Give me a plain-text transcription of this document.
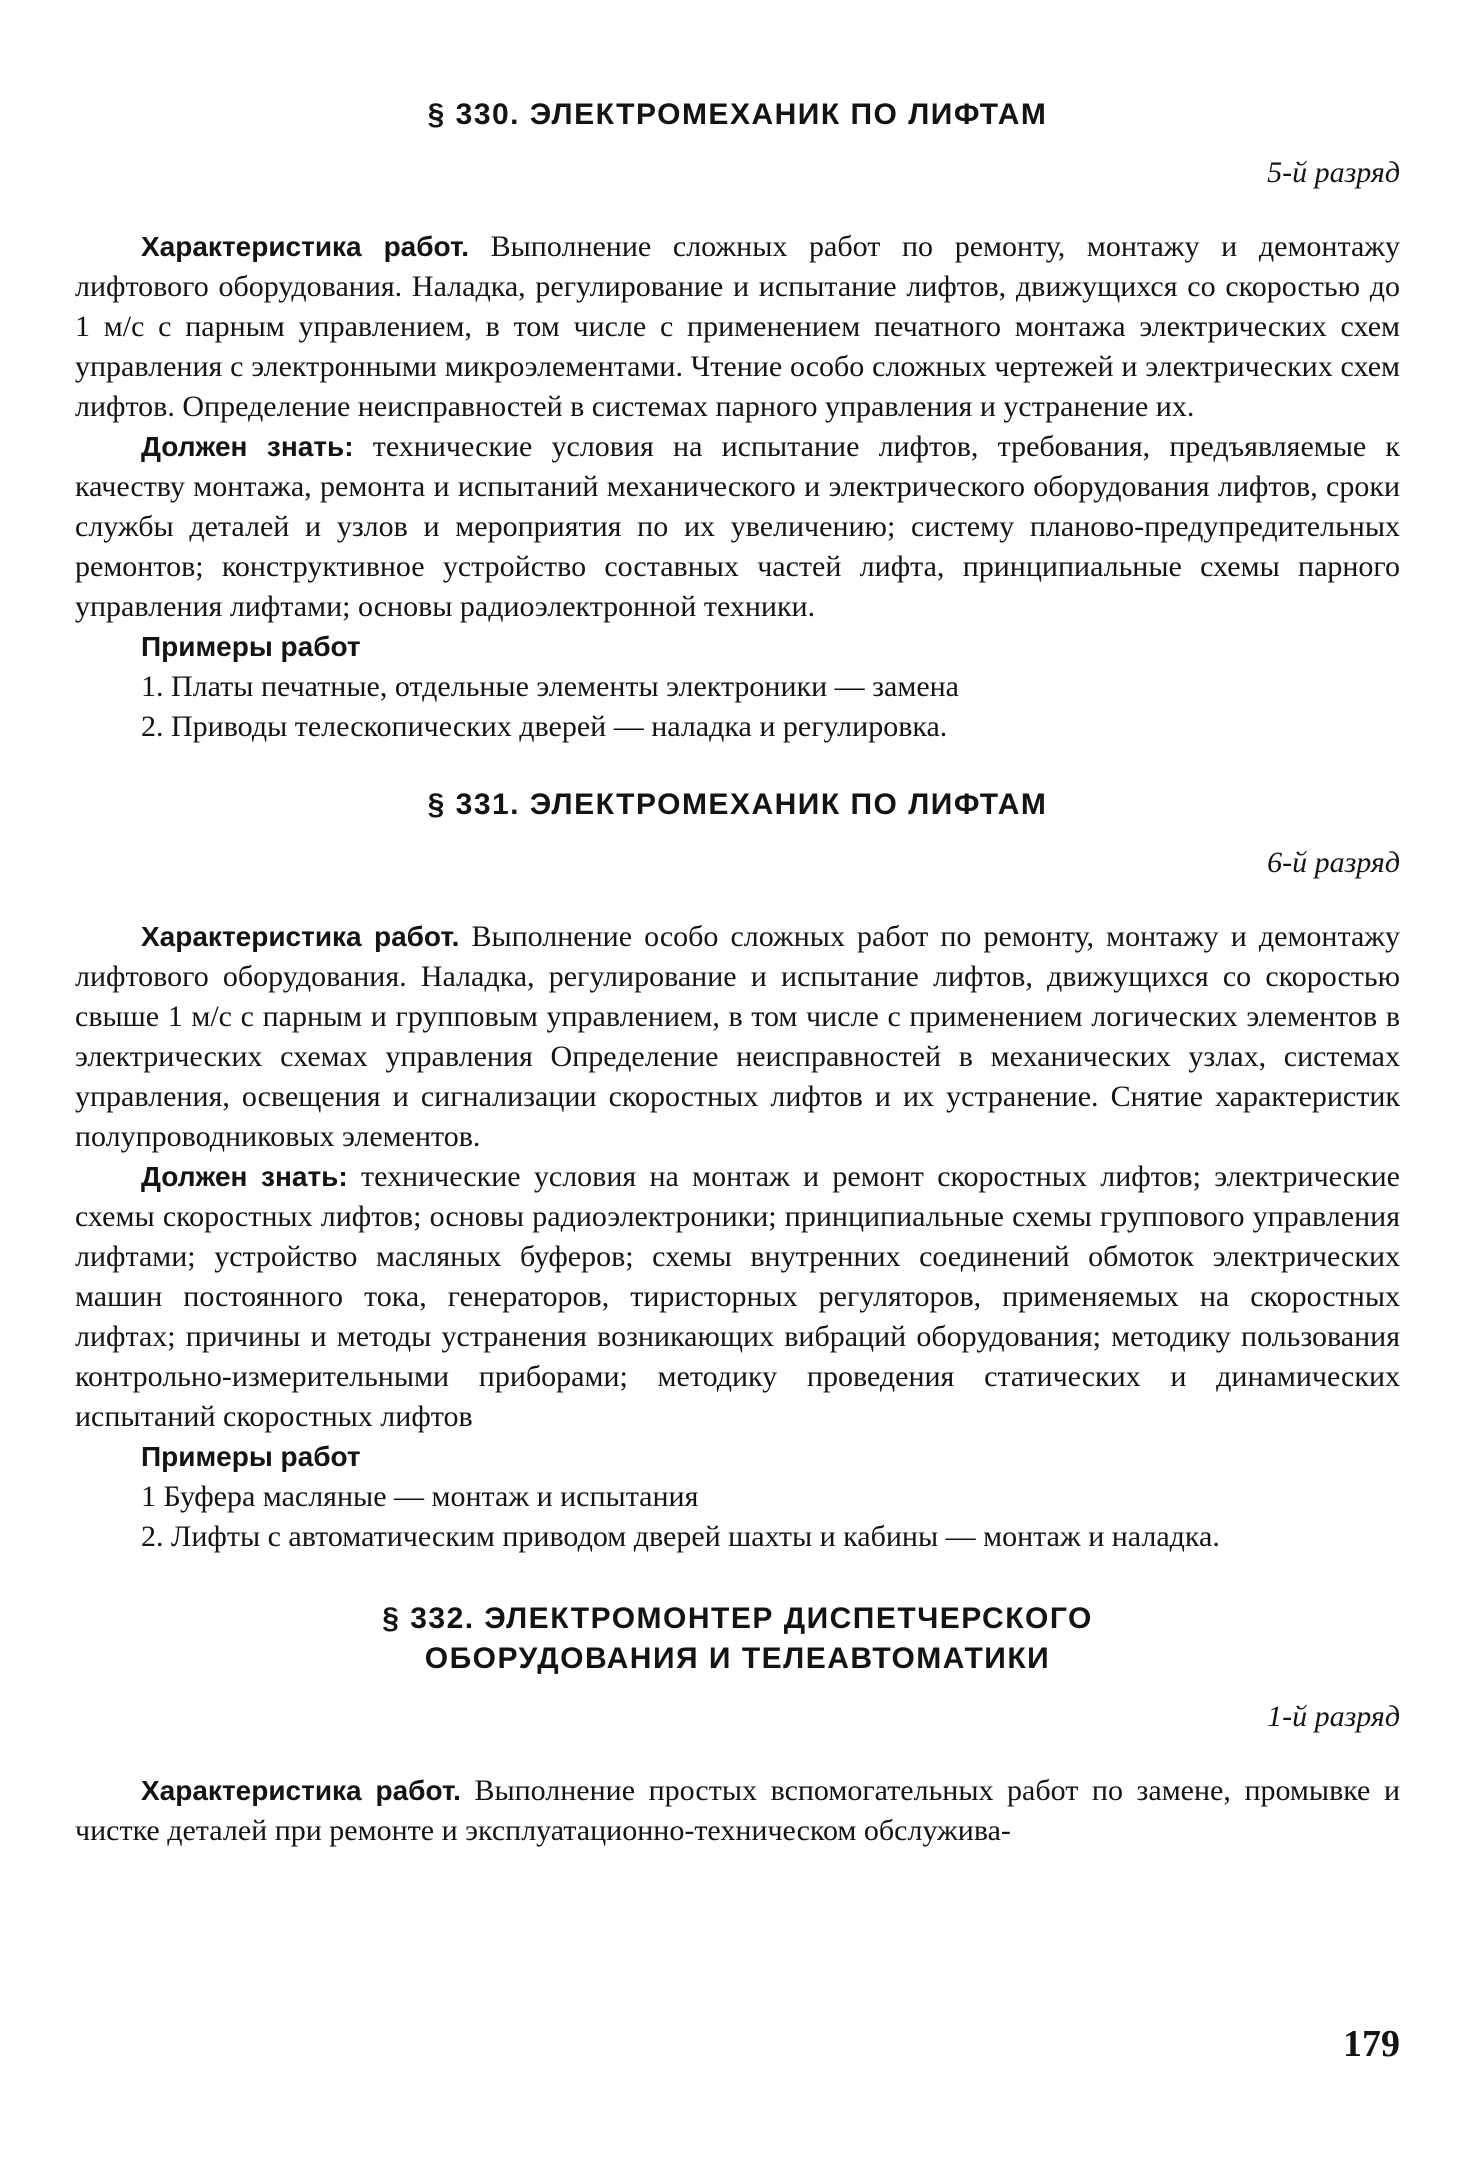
§ 330. ЭЛЕКТРОМЕХАНИК ПО ЛИФТАМ

5-й разряд

Характеристика работ. Выполнение сложных работ по ремонту, монтажу и демонтажу лифтового оборудования. Наладка, регулирование и испытание лифтов, движущихся со скоростью до 1 м/с с парным управлением, в том числе с применением печатного монтажа электрических схем управления с электронными микроэлементами. Чтение особо сложных чертежей и электрических схем лифтов. Определение неисправностей в системах парного управления и устранение их.

Должен знать: технические условия на испытание лифтов, требования, предъявляемые к качеству монтажа, ремонта и испытаний механического и электрического оборудования лифтов, сроки службы деталей и узлов и мероприятия по их увеличению; систему планово-предупредительных ремонтов; конструктивное устройство составных частей лифта, принципиальные схемы парного управления лифтами; основы радиоэлектронной техники.

Примеры работ

1. Платы печатные, отдельные элементы электроники — замена

2. Приводы телескопических дверей — наладка и регулировка.

§ 331. ЭЛЕКТРОМЕХАНИК ПО ЛИФТАМ

6-й разряд

Характеристика работ. Выполнение особо сложных работ по ремонту, монтажу и демонтажу лифтового оборудования. Наладка, регулирование и испытание лифтов, движущихся со скоростью свыше 1 м/с с парным и групповым управлением, в том числе с применением логических элементов в электрических схемах управления Определение неисправностей в механических узлах, системах управления, освещения и сигнализации скоростных лифтов и их устранение. Снятие характеристик полупроводниковых элементов.

Должен знать: технические условия на монтаж и ремонт скоростных лифтов; электрические схемы скоростных лифтов; основы радиоэлектроники; принципиальные схемы группового управления лифтами; устройство масляных буферов; схемы внутренних соединений обмоток электрических машин постоянного тока, генераторов, тиристорных регуляторов, применяемых на скоростных лифтах; причины и методы устранения возникающих вибраций оборудования; методику пользования контрольно-измерительными приборами; методику проведения статических и динамических испытаний скоростных лифтов

Примеры работ

1 Буфера масляные — монтаж и испытания

2. Лифты с автоматическим приводом дверей шахты и кабины — монтаж и наладка.

§ 332. ЭЛЕКТРОМОНТЕР ДИСПЕТЧЕРСКОГО
ОБОРУДОВАНИЯ И ТЕЛЕАВТОМАТИКИ

1-й разряд

Характеристика работ. Выполнение простых вспомогательных работ по замене, промывке и чистке деталей при ремонте и эксплуатационно-техническом обслужива-

179
